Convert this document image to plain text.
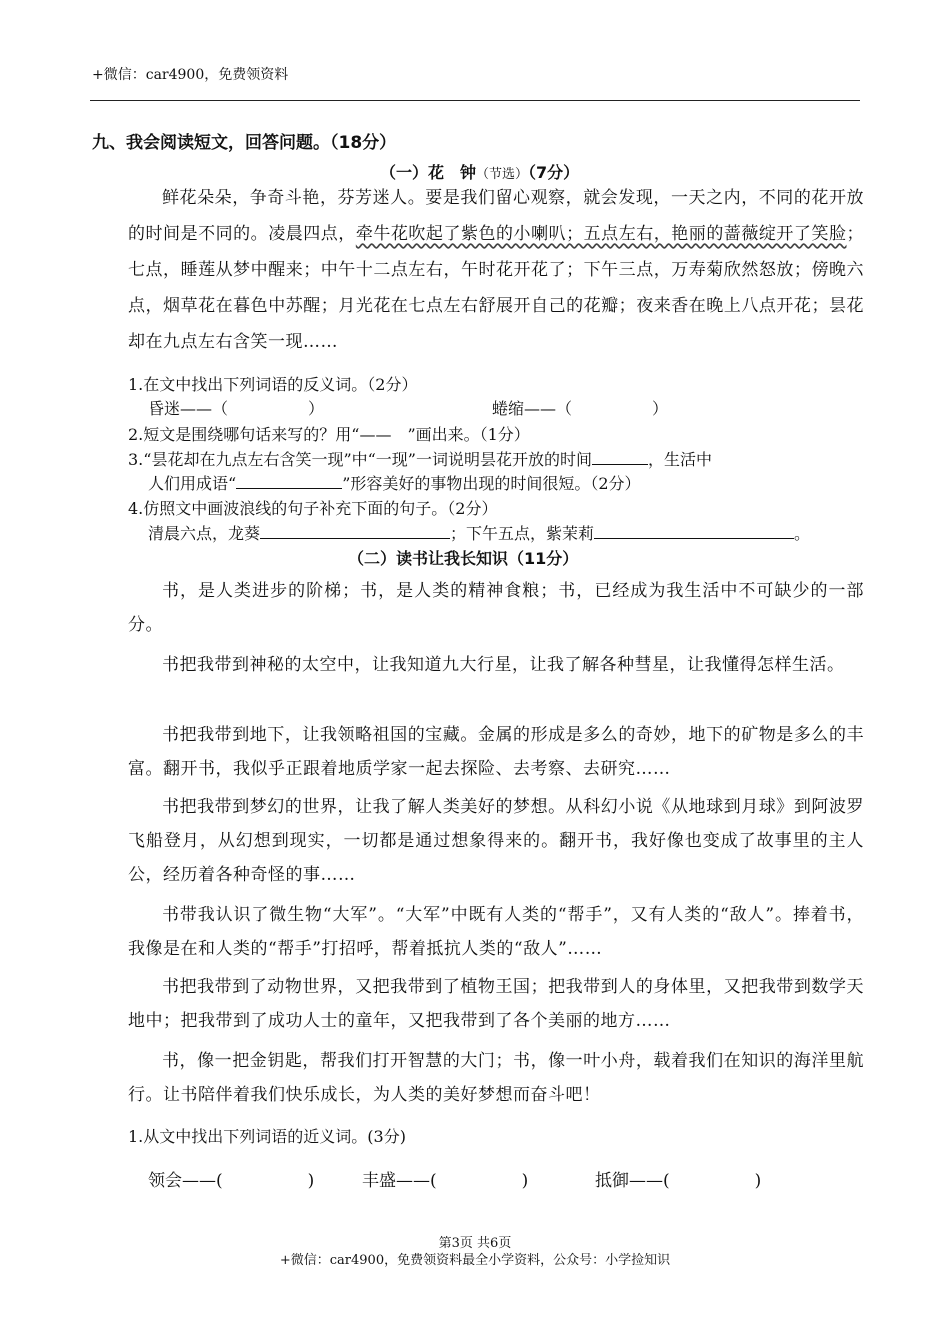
+微信：car4900，免费领资料
九、我会阅读短文，回答问题。（18分）
（一）花　钟（节选）（7分）
鲜花朵朵，争奇斗艳，芬芳迷人。要是我们留心观察，就会发现，一天之内，不同的花开放的时间是不同的。凌晨四点，牵牛花吹起了紫色的小喇叭；五点左右，艳丽的蔷薇绽开了笑脸；七点，睡莲从梦中醒来；中午十二点左右，午时花开花了；下午三点，万寿菊欣然怒放；傍晚六点，烟草花在暮色中苏醒；月光花在七点左右舒展开自己的花瓣；夜来香在晚上八点开花；昙花却在九点左右含笑一现……
1.在文中找出下列词语的反义词。（2分）
昏迷——（　　　　　）	蜷缩——（　　　　　）
2.短文是围绕哪句话来写的？用“——　”画出来。（1分）
3.“昙花却在九点左右含笑一现”中“一现”一词说明昙花开放的时间	，生活中
人们用成语“	”形容美好的事物出现的时间很短。（2分）
4.仿照文中画波浪线的句子补充下面的句子。（2分）
清晨六点，龙葵	；下午五点，紫茉莉	。
（二）读书让我长知识（11分）
书，是人类进步的阶梯；书，是人类的精神食粮；书，已经成为我生活中不可缺少的一部分。
书把我带到神秘的太空中，让我知道九大行星，让我了解各种彗星，让我懂得怎样生活。
书把我带到地下，让我领略祖国的宝藏。金属的形成是多么的奇妙，地下的矿物是多么的丰富。翻开书，我似乎正跟着地质学家一起去探险、去考察、去研究……
书把我带到梦幻的世界，让我了解人类美好的梦想。从科幻小说《从地球到月球》到阿波罗飞船登月，从幻想到现实，一切都是通过想象得来的。翻开书，我好像也变成了故事里的主人公，经历着各种奇怪的事……
书带我认识了微生物“大军”。“大军”中既有人类的“帮手”，又有人类的“敌人”。捧着书，我像是在和人类的“帮手”打招呼，帮着抵抗人类的“敌人”……
书把我带到了动物世界，又把我带到了植物王国；把我带到人的身体里，又把我带到数学天地中；把我带到了成功人士的童年，又把我带到了各个美丽的地方……
书，像一把金钥匙，帮我们打开智慧的大门；书，像一叶小舟，载着我们在知识的海洋里航行。让书陪伴着我们快乐成长，为人类的美好梦想而奋斗吧！
1.从文中找出下列词语的近义词。(3分)
领会——(　　　　　)	丰盛——(　　　　　)	抵御——(　　　　　)
第3页 共6页
+微信：car4900，免费领资料最全小学资料，公众号：小学捡知识
